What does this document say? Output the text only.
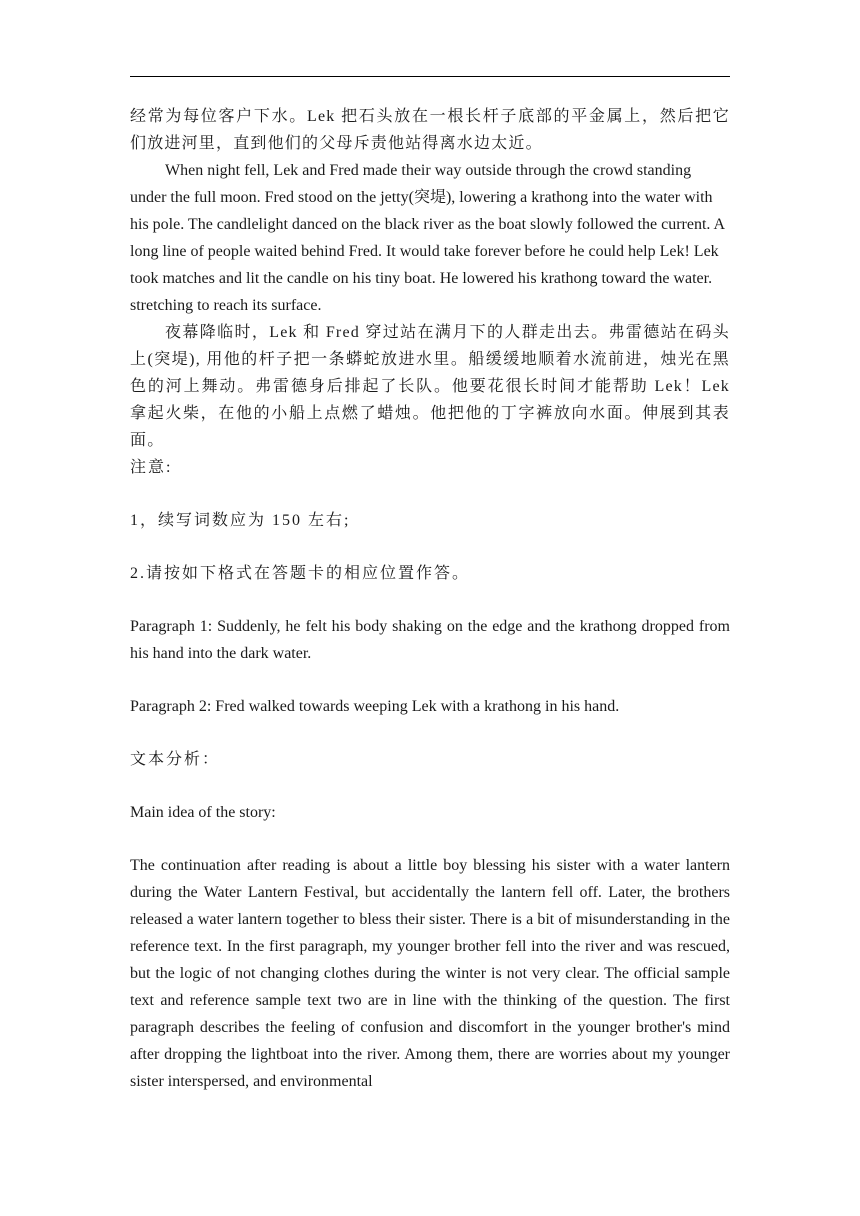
经常为每位客户下水。Lek 把石头放在一根长杆子底部的平金属上，然后把它们放进河里，直到他们的父母斥责他站得离水边太近。

When night fell, Lek and Fred made their way outside through the crowd standing under the full moon. Fred stood on the jetty(突堤), lowering a krathong into the water with his pole. The candlelight danced on the black river as the boat slowly followed the current. A long line of people waited behind Fred. It would take forever before he could help Lek! Lek took matches and lit the candle on his tiny boat. He lowered his krathong toward the water. stretching to reach its surface.

夜幕降临时，Lek 和 Fred 穿过站在满月下的人群走出去。弗雷德站在码头上(突堤), 用他的杆子把一条蟒蛇放进水里。船缓缓地顺着水流前进，烛光在黑色的河上舞动。弗雷德身后排起了长队。他要花很长时间才能帮助 Lek！Lek 拿起火柴，在他的小船上点燃了蜡烛。他把他的丁字裤放向水面。伸展到其表面。

注意:

1，续写词数应为 150 左右;

2.请按如下格式在答题卡的相应位置作答。

Paragraph 1: Suddenly, he felt his body shaking on the edge and the krathong dropped from his hand into the dark water.

Paragraph 2: Fred walked towards weeping Lek with a krathong in his hand.

文本分析：

Main idea of the story:

The continuation after reading is about a little boy blessing his sister with a water lantern during the Water Lantern Festival, but accidentally the lantern fell off. Later, the brothers released a water lantern together to bless their sister. There is a bit of misunderstanding in the reference text. In the first paragraph, my younger brother fell into the river and was rescued, but the logic of not changing clothes during the winter is not very clear. The official sample text and reference sample text two are in line with the thinking of the question. The first paragraph describes the feeling of confusion and discomfort in the younger brother's mind after dropping the lightboat into the river. Among them, there are worries about my younger sister interspersed, and environmental
